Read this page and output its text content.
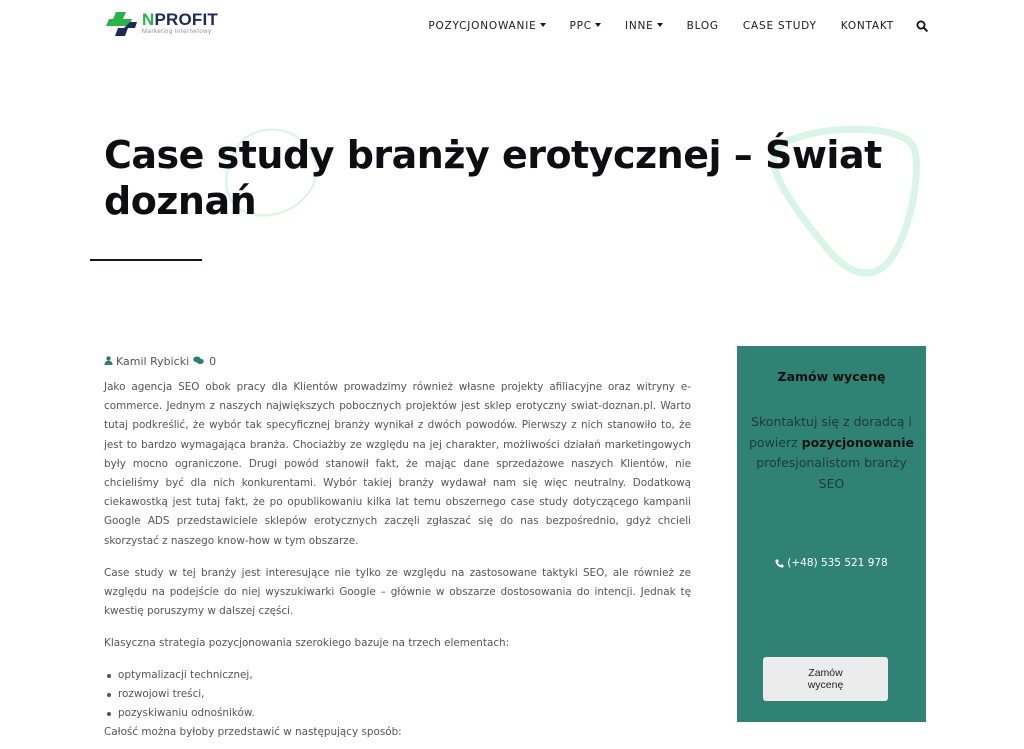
NPROFIT
Marketing Internetowy	POZYCJONOWANIE	PPC	INNE	BLOG CASE STUDY KONTAKT
Case study branży erotycznej – Świat doznań
Kamil Rybicki 0

Jako agencja SEO obok pracy dla Klientów prowadzimy również własne projekty afiliacyjne oraz witryny e-commerce. Jednym z naszych największych pobocznych projektów jest sklep erotyczny swiat-doznan.pl. Warto tutaj podkreślić, że wybór tak specyficznej branży wynikał z dwóch powodów. Pierwszy z nich stanowiło to, że jest to bardzo wymagająca branża. Chociażby ze względu na jej charakter, możliwości działań marketingowych były mocno ograniczone. Drugi powód stanowił fakt, że mając dane sprzedażowe naszych Klientów, nie chcieliśmy być dla nich konkurentami. Wybór takiej branży wydawał nam się więc neutralny. Dodatkową ciekawostką jest tutaj fakt, że po opublikowaniu kilka lat temu obszernego case study dotyczącego kampanii Google ADS przedstawiciele sklepów erotycznych zaczęli zgłaszać się do nas bezpośrednio, gdyż chcieli skorzystać z naszego know-how w tym obszarze.

Case study w tej branży jest interesujące nie tylko ze względu na zastosowane taktyki SEO, ale również ze względu na podejście do niej wyszukiwarki Google – głównie w obszarze dostosowania do intencji. Jednak tę kwestię poruszymy w dalszej części.

Klasyczna strategia pozycjonowania szerokiego bazuje na trzech elementach:

optymalizacji technicznej,
rozwojowi treści,
pozyskiwaniu odnośników.

Całość można byłoby przedstawić w następujący sposób:

Zamów wycenę
Skontaktuj się z doradcą i powierz pozycjonowanie profesjonalistom branży SEO
(+48) 535 521 978
Zamów wycenę
